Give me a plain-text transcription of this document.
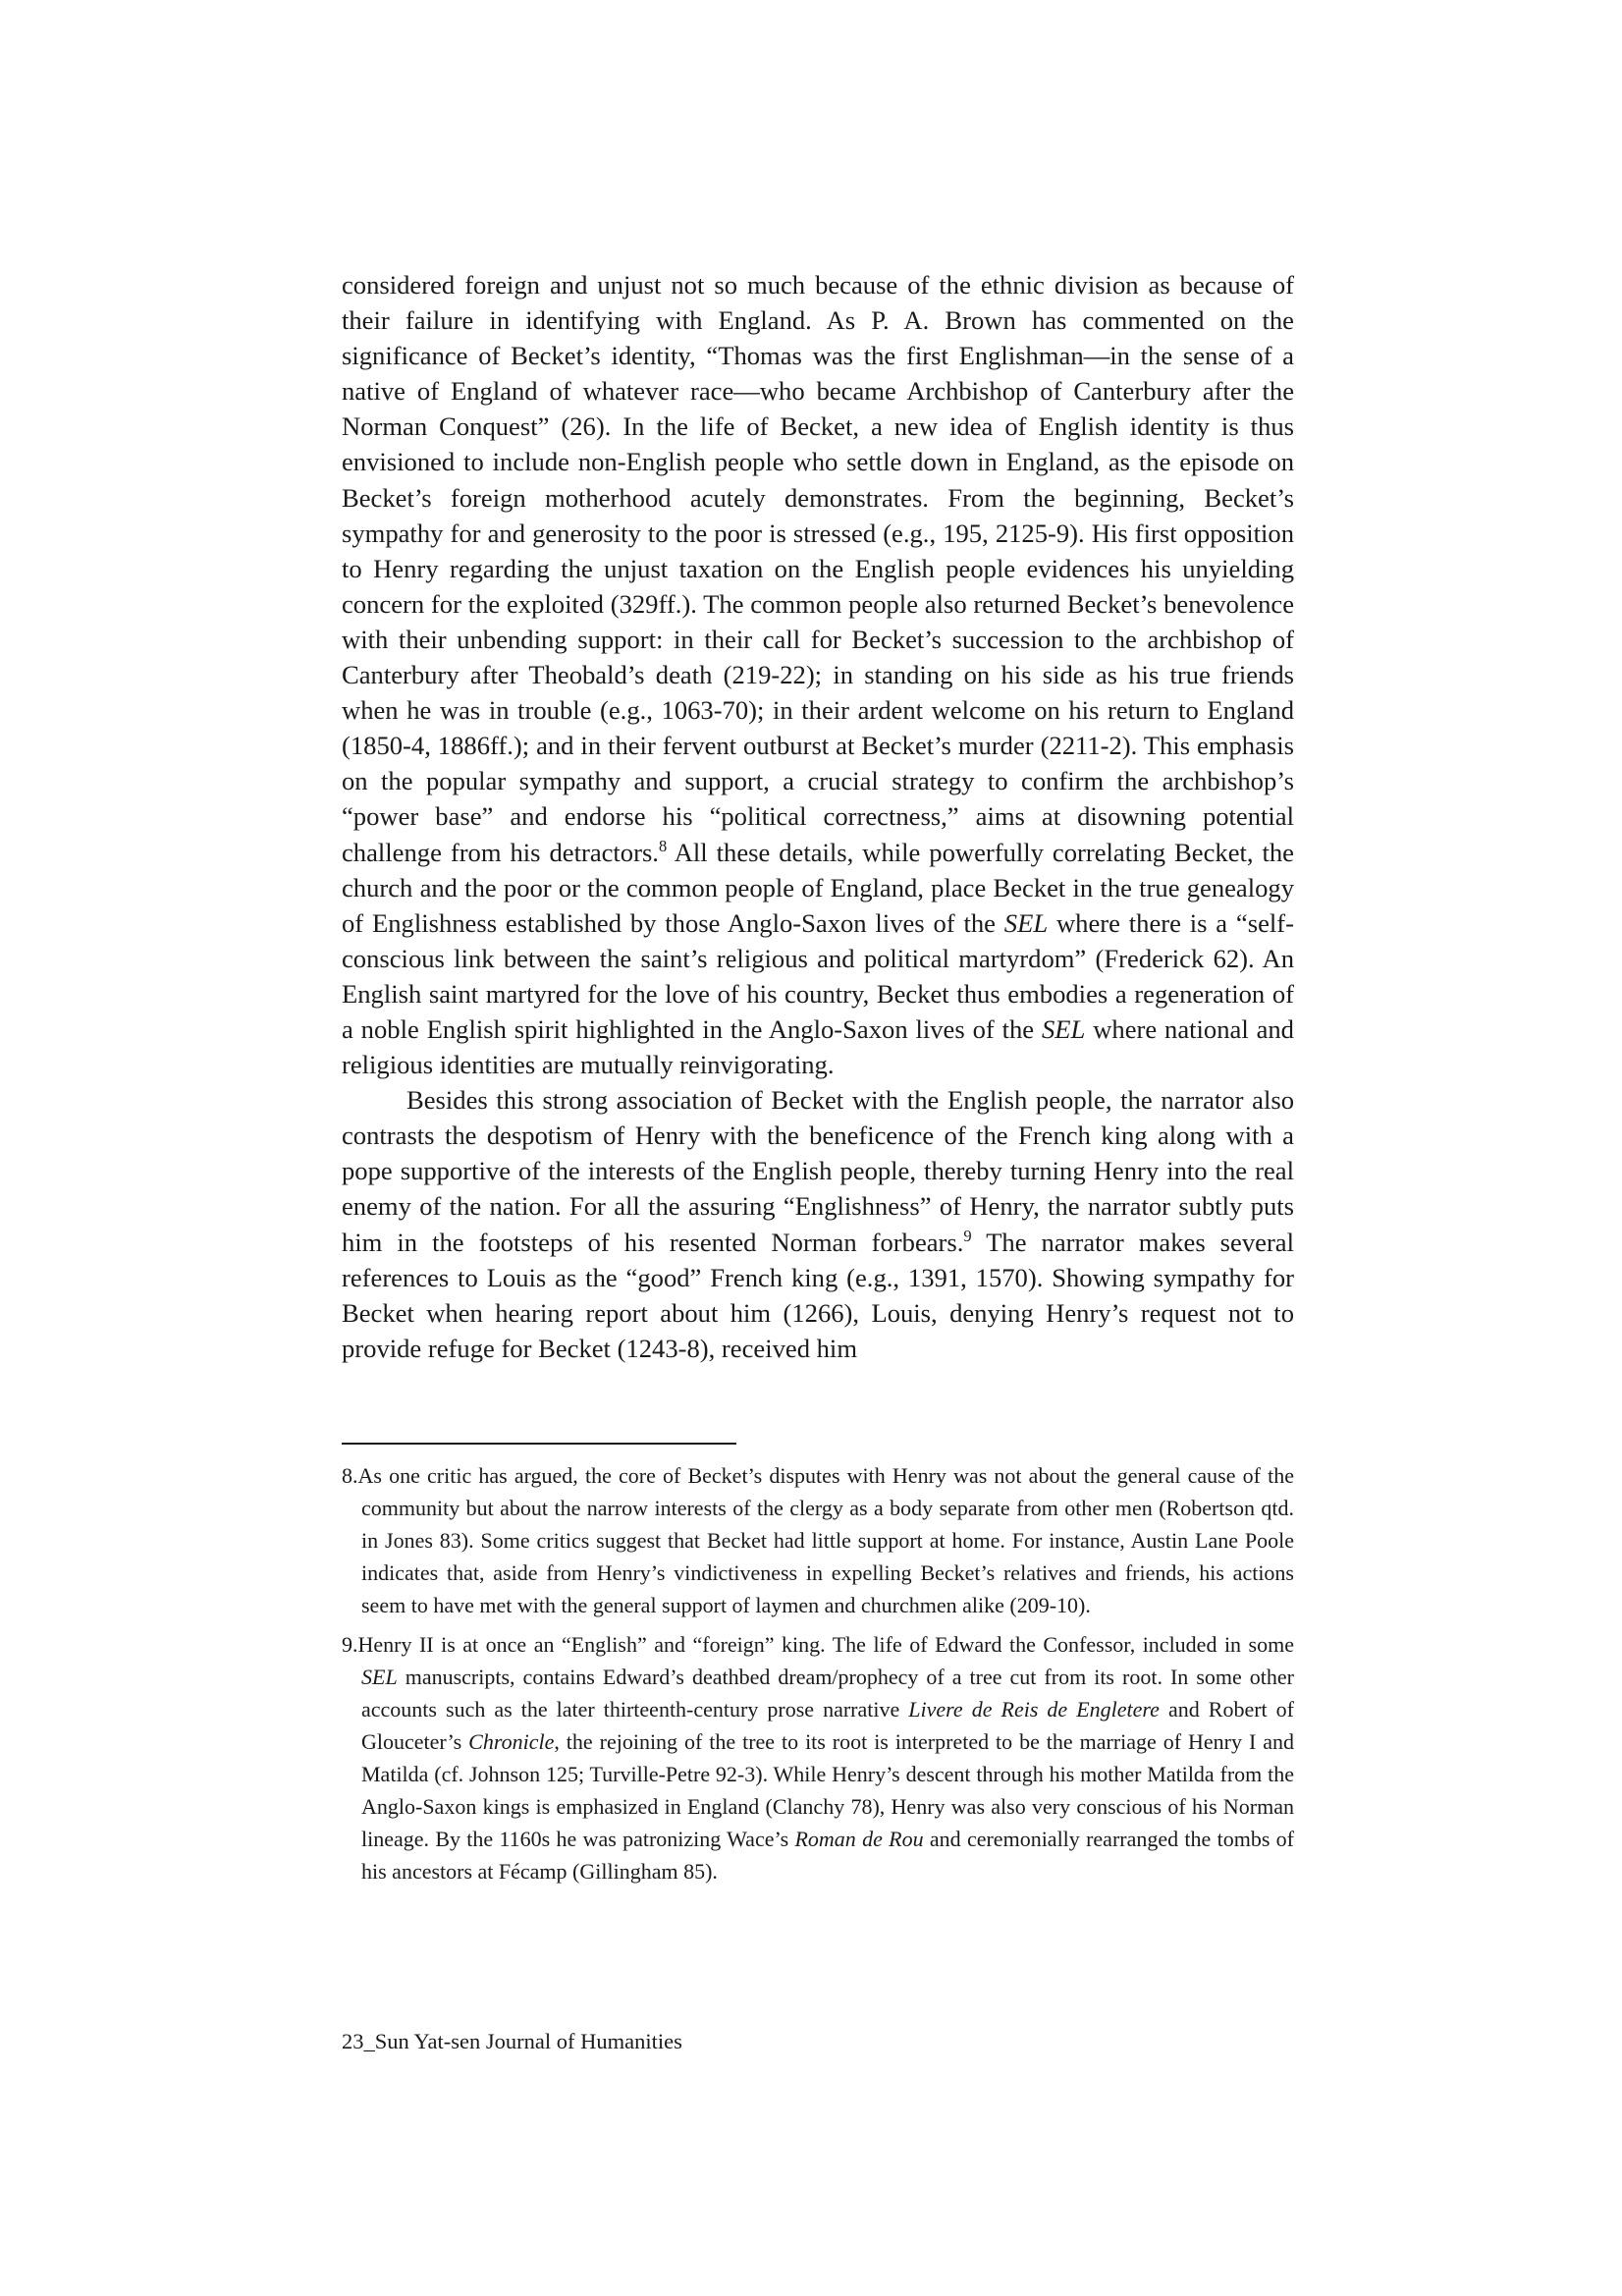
considered foreign and unjust not so much because of the ethnic division as because of their failure in identifying with England. As P. A. Brown has commented on the significance of Becket’s identity, “Thomas was the first Englishman—in the sense of a native of England of whatever race—who became Archbishop of Canterbury after the Norman Conquest” (26). In the life of Becket, a new idea of English identity is thus envisioned to include non-English people who settle down in England, as the episode on Becket’s foreign motherhood acutely demonstrates. From the beginning, Becket’s sympathy for and generosity to the poor is stressed (e.g., 195, 2125-9). His first opposition to Henry regarding the unjust taxation on the English people evidences his unyielding concern for the exploited (329ff.). The common people also returned Becket’s benevolence with their unbending support: in their call for Becket’s succession to the archbishop of Canterbury after Theobald’s death (219-22); in standing on his side as his true friends when he was in trouble (e.g., 1063-70); in their ardent welcome on his return to England (1850-4, 1886ff.); and in their fervent outburst at Becket’s murder (2211-2). This emphasis on the popular sympathy and support, a crucial strategy to confirm the archbishop’s “power base” and endorse his “political correctness,” aims at disowning potential challenge from his detractors.$^8$ All these details, while powerfully correlating Becket, the church and the poor or the common people of England, place Becket in the true genealogy of Englishness established by those Anglo-Saxon lives of the SEL where there is a “self-conscious link between the saint’s religious and political martyrdom” (Frederick 62). An English saint martyred for the love of his country, Becket thus embodies a regeneration of a noble English spirit highlighted in the Anglo-Saxon lives of the SEL where national and religious identities are mutually reinvigorating.

Besides this strong association of Becket with the English people, the narrator also contrasts the despotism of Henry with the beneficence of the French king along with a pope supportive of the interests of the English people, thereby turning Henry into the real enemy of the nation. For all the assuring “Englishness” of Henry, the narrator subtly puts him in the footsteps of his resented Norman forbears.$^9$ The narrator makes several references to Louis as the “good” French king (e.g., 1391, 1570). Showing sympathy for Becket when hearing report about him (1266), Louis, denying Henry’s request not to provide refuge for Becket (1243-8), received him

8.As one critic has argued, the core of Becket’s disputes with Henry was not about the general cause of the community but about the narrow interests of the clergy as a body separate from other men (Robertson qtd. in Jones 83). Some critics suggest that Becket had little support at home. For instance, Austin Lane Poole indicates that, aside from Henry’s vindictiveness in expelling Becket’s relatives and friends, his actions seem to have met with the general support of laymen and churchmen alike (209-10).

9.Henry II is at once an “English” and “foreign” king. The life of Edward the Confessor, included in some SEL manuscripts, contains Edward’s deathbed dream/prophecy of a tree cut from its root. In some other accounts such as the later thirteenth-century prose narrative Livere de Reis de Engletere and Robert of Glouceter’s Chronicle, the rejoining of the tree to its root is interpreted to be the marriage of Henry I and Matilda (cf. Johnson 125; Turville-Petre 92-3). While Henry’s descent through his mother Matilda from the Anglo-Saxon kings is emphasized in England (Clanchy 78), Henry was also very conscious of his Norman lineage. By the 1160s he was patronizing Wace’s Roman de Rou and ceremonially rearranged the tombs of his ancestors at Fécamp (Gillingham 85).

23_Sun Yat-sen Journal of Humanities
